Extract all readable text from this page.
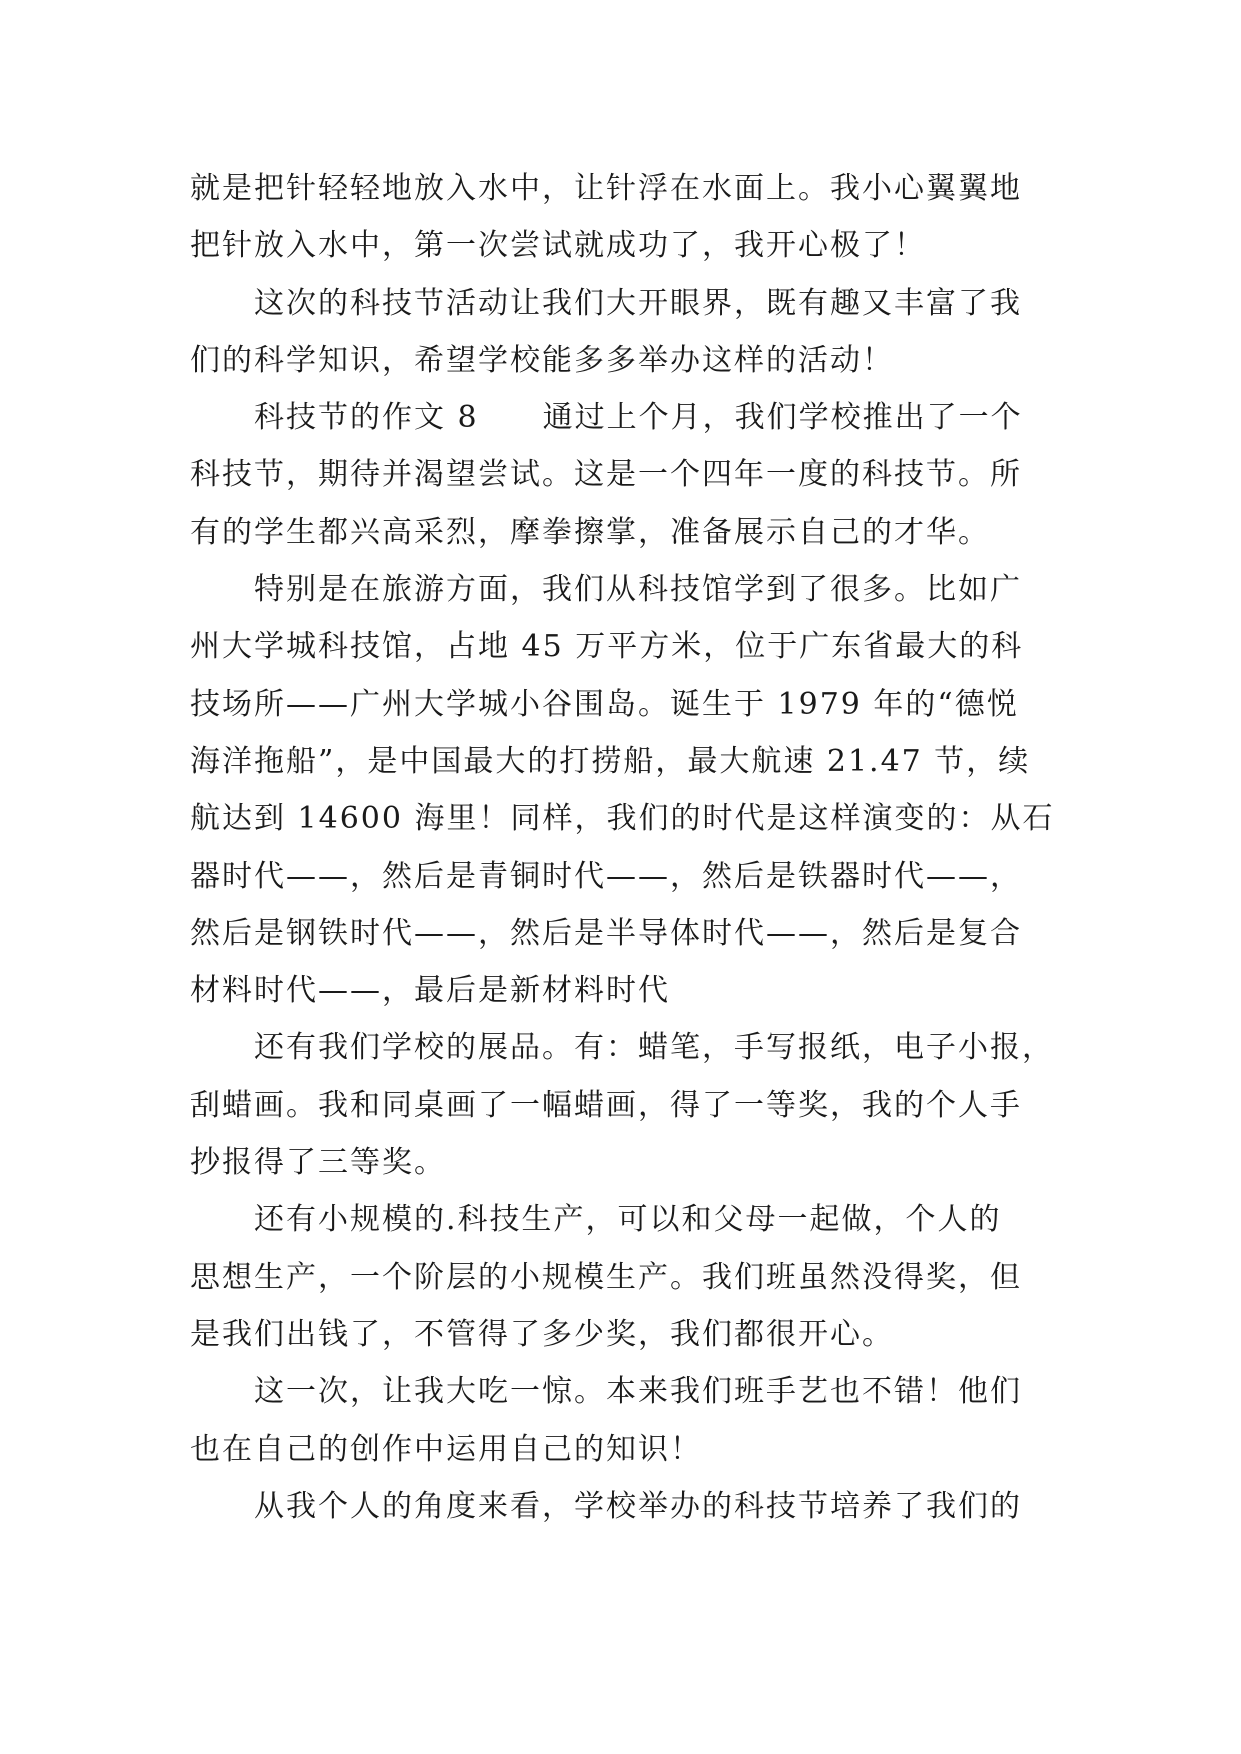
就是把针轻轻地放入水中，让针浮在水面上。我小心翼翼地
把针放入水中，第一次尝试就成功了，我开心极了！

这次的科技节活动让我们大开眼界，既有趣又丰富了我
们的科学知识，希望学校能多多举办这样的活动！

科技节的作文 8　　通过上个月，我们学校推出了一个
科技节，期待并渴望尝试。这是一个四年一度的科技节。所
有的学生都兴高采烈，摩拳擦掌，准备展示自己的才华。

特别是在旅游方面，我们从科技馆学到了很多。比如广
州大学城科技馆，占地 45 万平方米，位于广东省最大的科
技场所——广州大学城小谷围岛。诞生于 1979 年的“德悦
海洋拖船”，是中国最大的打捞船，最大航速 21.47 节，续
航达到 14600 海里！同样，我们的时代是这样演变的：从石
器时代——，然后是青铜时代——，然后是铁器时代——，
然后是钢铁时代——，然后是半导体时代——，然后是复合
材料时代——，最后是新材料时代

还有我们学校的展品。有：蜡笔，手写报纸，电子小报，
刮蜡画。我和同桌画了一幅蜡画，得了一等奖，我的个人手
抄报得了三等奖。

还有小规模的.科技生产，可以和父母一起做，个人的
思想生产，一个阶层的小规模生产。我们班虽然没得奖，但
是我们出钱了，不管得了多少奖，我们都很开心。

这一次，让我大吃一惊。本来我们班手艺也不错！他们
也在自己的创作中运用自己的知识！

从我个人的角度来看，学校举办的科技节培养了我们的
